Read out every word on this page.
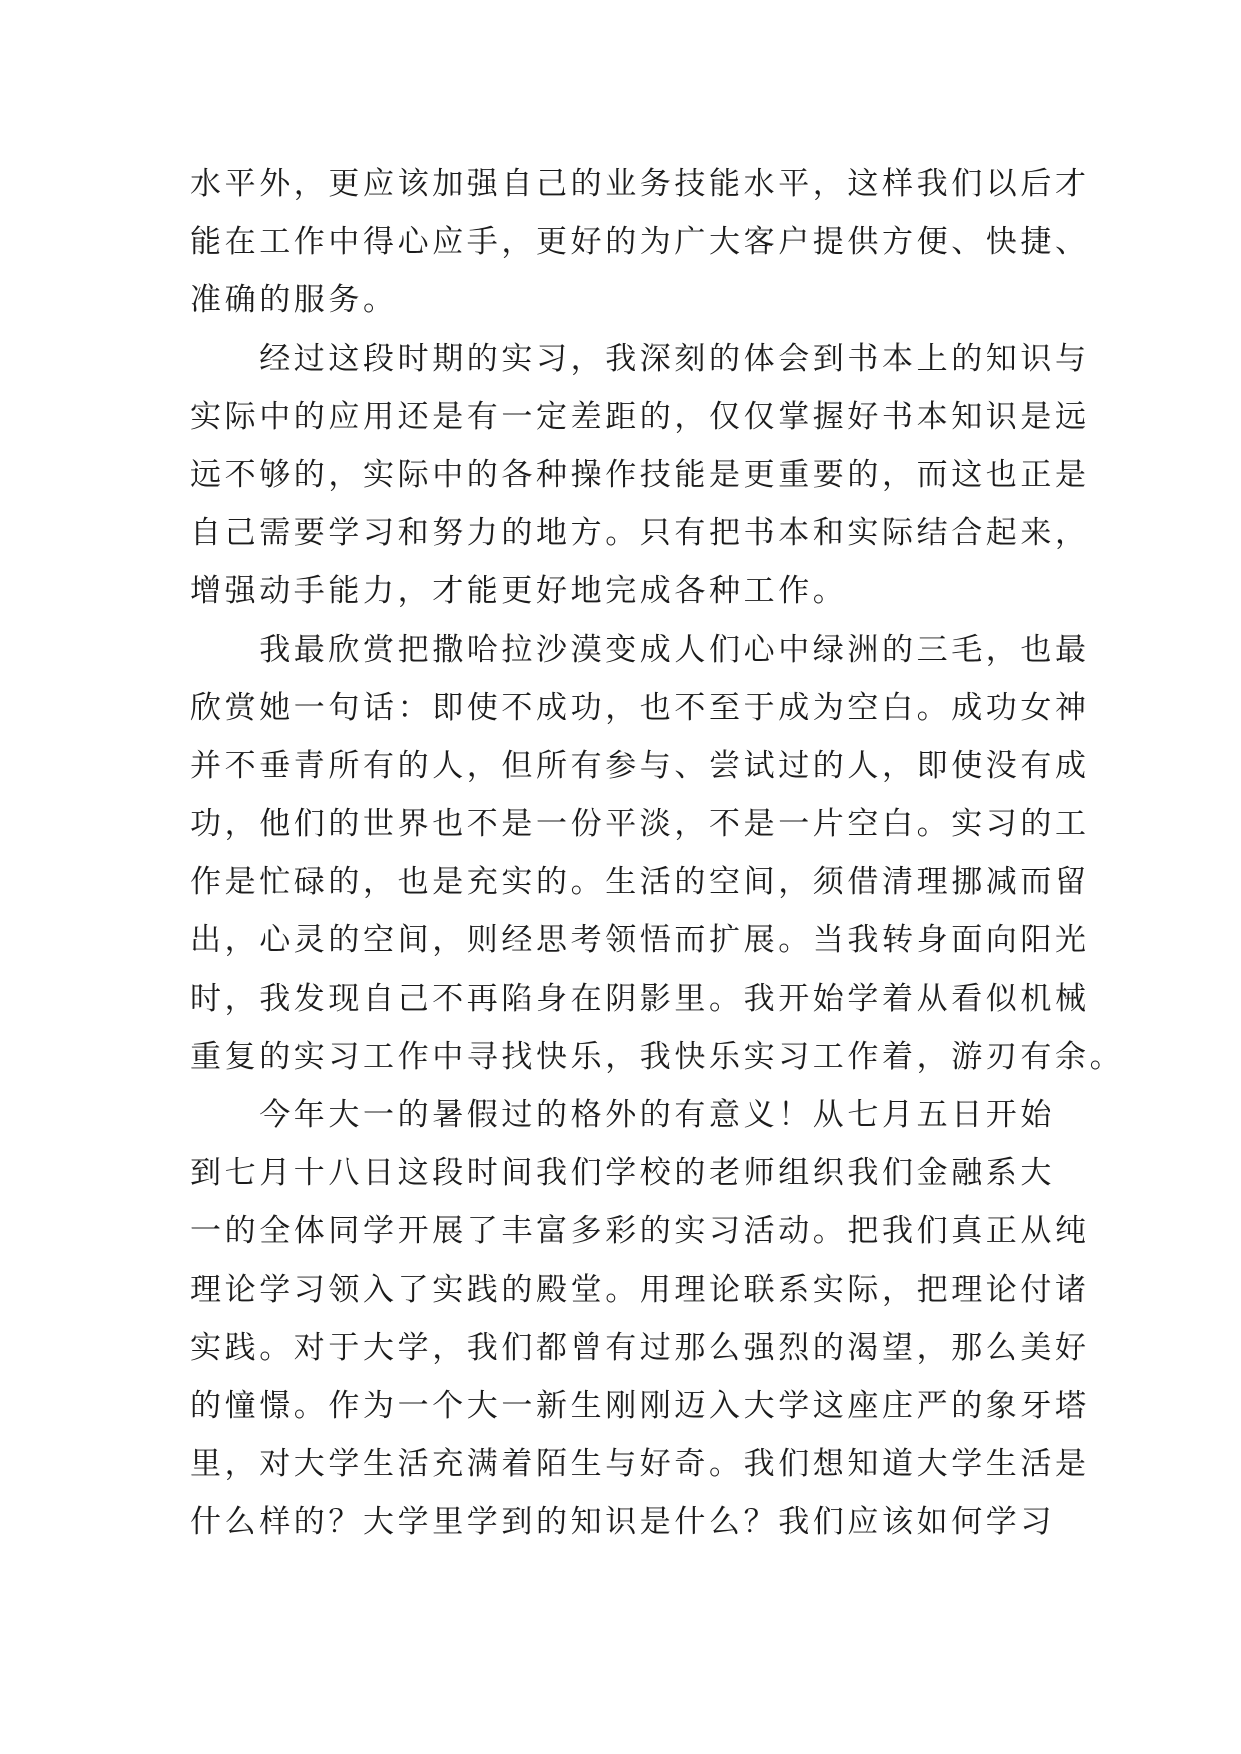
水平外，更应该加强自己的业务技能水平，这样我们以后才
能在工作中得心应手，更好的为广大客户提供方便、快捷、
准确的服务。
　　经过这段时期的实习，我深刻的体会到书本上的知识与
实际中的应用还是有一定差距的，仅仅掌握好书本知识是远
远不够的，实际中的各种操作技能是更重要的，而这也正是
自己需要学习和努力的地方。只有把书本和实际结合起来，
增强动手能力，才能更好地完成各种工作。
　　我最欣赏把撒哈拉沙漠变成人们心中绿洲的三毛，也最
欣赏她一句话：即使不成功，也不至于成为空白。成功女神
并不垂青所有的人，但所有参与、尝试过的人，即使没有成
功，他们的世界也不是一份平淡，不是一片空白。实习的工
作是忙碌的，也是充实的。生活的空间，须借清理挪减而留
出，心灵的空间，则经思考领悟而扩展。当我转身面向阳光
时，我发现自己不再陷身在阴影里。我开始学着从看似机械
重复的实习工作中寻找快乐，我快乐实习工作着，游刃有余。
　　今年大一的暑假过的格外的有意义！从七月五日开始
到七月十八日这段时间我们学校的老师组织我们金融系大
一的全体同学开展了丰富多彩的实习活动。把我们真正从纯
理论学习领入了实践的殿堂。用理论联系实际，把理论付诸
实践。对于大学，我们都曾有过那么强烈的渴望，那么美好
的憧憬。作为一个大一新生刚刚迈入大学这座庄严的象牙塔
里，对大学生活充满着陌生与好奇。我们想知道大学生活是
什么样的？大学里学到的知识是什么？我们应该如何学习
